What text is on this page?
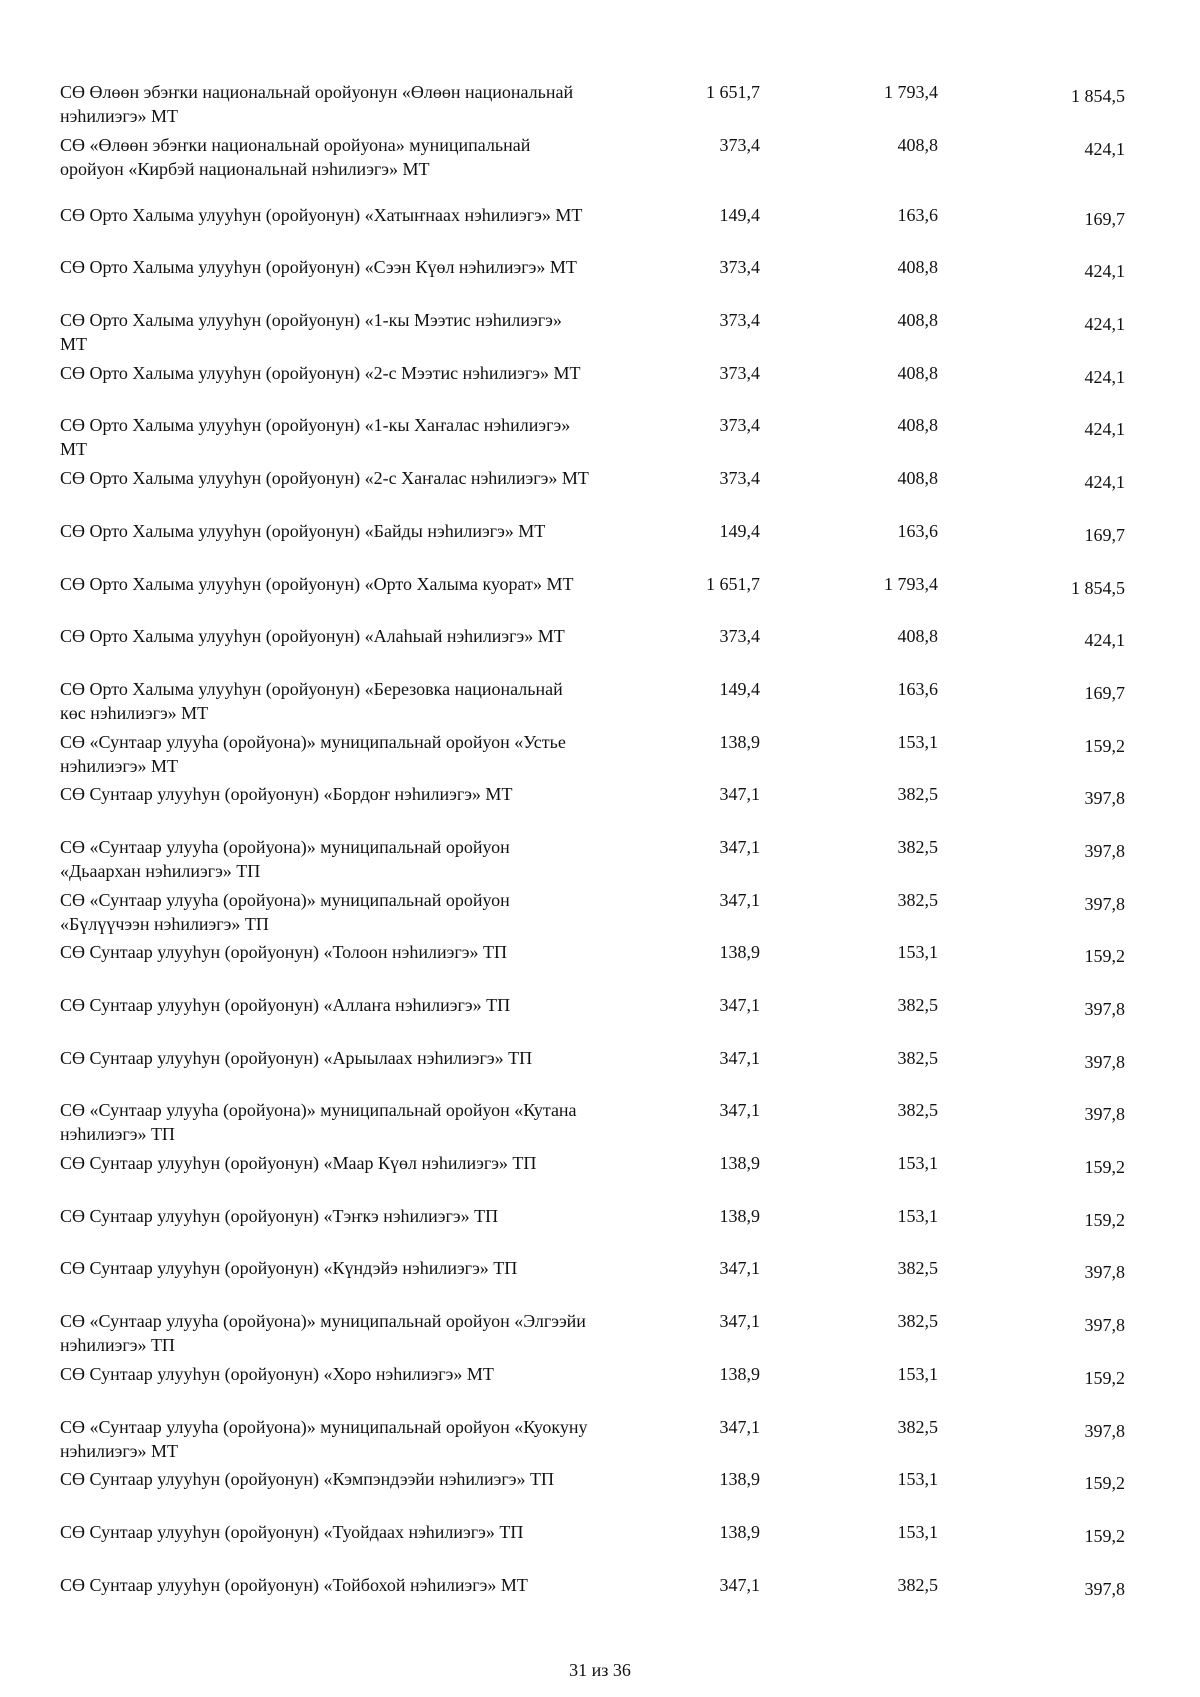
СӨ Өлөөн эбэҥки национальнай оройуонун «Өлөөн национальнай нэһилиэгэ» МТ
1 651,7	1 793,4	1 854,5
СӨ «Өлөөн эбэҥки национальнай оройуона» муниципальнай оройуон «Кирбэй национальнай нэһилиэгэ» МТ
373,4	408,8	424,1
СӨ Орто Халыма улууһун (оройуонун) «Хатыҥнаах нэһилиэгэ» МТ	149,4	163,6	169,7
СӨ Орто Халыма улууһун (оройуонун) «Сээн Күөл нэһилиэгэ» МТ	373,4	408,8	424,1
СӨ Орто Халыма улууһун (оройуонун) «1-кы Мээтис нэһилиэгэ» МТ
373,4	408,8	424,1
СӨ Орто Халыма улууһун (оройуонун) «2-с Мээтис нэһилиэгэ» МТ	373,4	408,8	424,1
СӨ Орто Халыма улууһун (оройуонун) «1-кы Хаҥалас нэһилиэгэ» МТ
373,4	408,8	424,1
СӨ Орто Халыма улууһун (оройуонун) «2-с Хаҥалас нэһилиэгэ» МТ	373,4	408,8	424,1
СӨ Орто Халыма улууһун (оройуонун) «Байды нэһилиэгэ» МТ	149,4	163,6	169,7
СӨ Орто Халыма улууһун (оройуонун) «Орто Халыма куорат» МТ	1 651,7	1 793,4	1 854,5
СӨ Орто Халыма улууһун (оройуонун) «Алаһыай нэһилиэгэ» МТ	373,4	408,8	424,1
СӨ Орто Халыма улууһун (оройуонун) «Березовка национальнай көс нэһилиэгэ» МТ
149,4	163,6	169,7
СӨ «Сунтаар улууһа (оройуона)» муниципальнай оройуон «Устье нэһилиэгэ» МТ
138,9	153,1	159,2
СӨ Сунтаар улууһун (оройуонун) «Бордоҥ нэһилиэгэ» МТ	347,1	382,5	397,8
СӨ «Сунтаар улууһа (оройуона)» муниципальнай оройуон «Дьаархан нэһилиэгэ» ТП
347,1	382,5	397,8
СӨ «Сунтаар улууһа (оройуона)» муниципальнай оройуон «Бүлүүчээн нэһилиэгэ» ТП
347,1	382,5	397,8
СӨ Сунтаар улууһун (оройуонун) «Толоон нэһилиэгэ» ТП	138,9	153,1	159,2
СӨ Сунтаар улууһун (оройуонун) «Аллаҥа нэһилиэгэ» ТП	347,1	382,5	397,8
СӨ Сунтаар улууһун (оройуонун) «Арыылаах нэһилиэгэ» ТП	347,1	382,5	397,8
СӨ «Сунтаар улууһа (оройуона)» муниципальнай оройуон «Кутана нэһилиэгэ» ТП
347,1	382,5	397,8
СӨ Сунтаар улууһун (оройуонун) «Маар Күөл нэһилиэгэ» ТП	138,9	153,1	159,2
СӨ Сунтаар улууһун (оройуонун) «Тэҥкэ нэһилиэгэ» ТП	138,9	153,1	159,2
СӨ Сунтаар улууһун (оройуонун) «Күндэйэ нэһилиэгэ» ТП	347,1	382,5	397,8
СӨ «Сунтаар улууһа (оройуона)» муниципальнай оройуон «Элгээйи нэһилиэгэ» ТП
347,1	382,5	397,8
СӨ Сунтаар улууһун (оройуонун) «Хоро нэһилиэгэ» МТ	138,9	153,1	159,2
СӨ «Сунтаар улууһа (оройуона)» муниципальнай оройуон «Куокуну нэһилиэгэ» МТ
347,1	382,5	397,8
СӨ Сунтаар улууһун (оройуонун) «Кэмпэндээйи нэһилиэгэ» ТП	138,9	153,1	159,2
СӨ Сунтаар улууһун (оройуонун) «Туойдаах нэһилиэгэ» ТП	138,9	153,1	159,2
СӨ Сунтаар улууһун (оройуонун) «Тойбохой нэһилиэгэ» МТ	347,1	382,5	397,8
31 из 36
